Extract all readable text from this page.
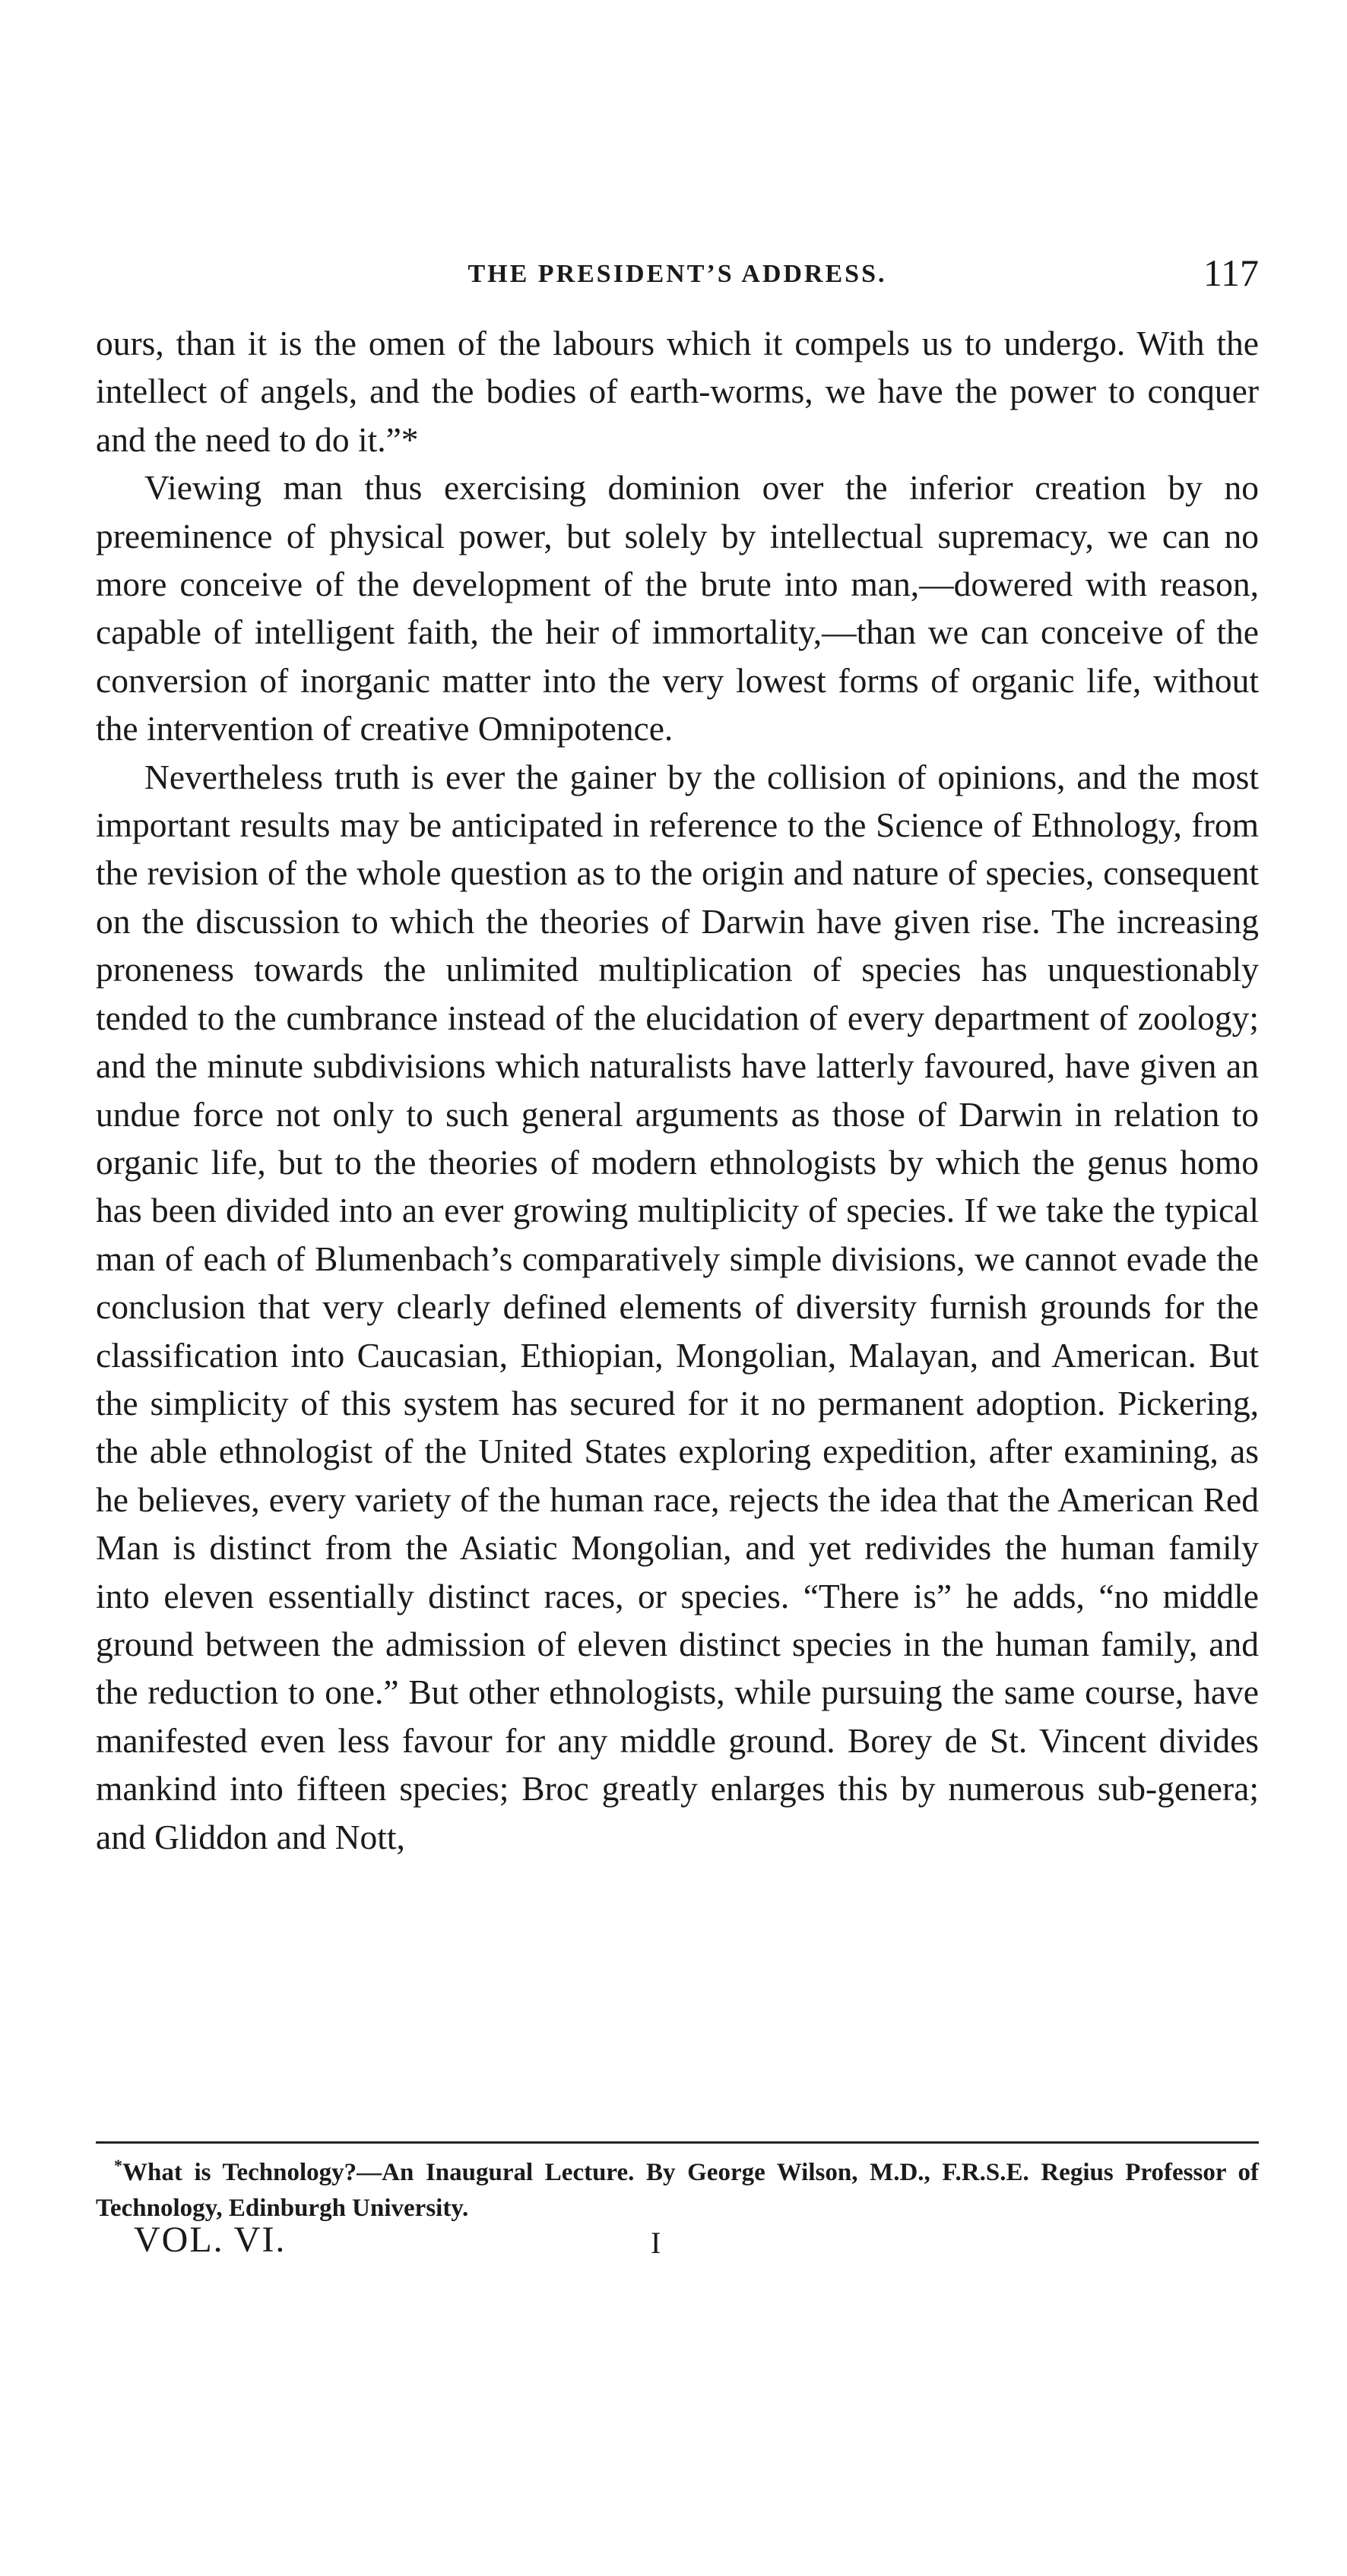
THE PRESIDENT’S ADDRESS.	117

ours, than it is the omen of the labours which it compels us to undergo. With the intellect of angels, and the bodies of earth-worms, we have the power to conquer and the need to do it.”*

Viewing man thus exercising dominion over the inferior creation by no preeminence of physical power, but solely by intellectual supremacy, we can no more conceive of the development of the brute into man,—dowered with reason, capable of intelligent faith, the heir of immortality,—than we can conceive of the conversion of inorganic matter into the very lowest forms of organic life, without the intervention of creative Omnipotence.

Nevertheless truth is ever the gainer by the collision of opinions, and the most important results may be anticipated in reference to the Science of Ethnology, from the revision of the whole question as to the origin and nature of species, consequent on the discussion to which the theories of Darwin have given rise. The increasing proneness towards the unlimited multiplication of species has unquestionably tended to the cumbrance instead of the elucidation of every department of zoology; and the minute subdivisions which naturalists have latterly favoured, have given an undue force not only to such general arguments as those of Darwin in relation to organic life, but to the theories of modern ethnologists by which the genus homo has been divided into an ever growing multiplicity of species. If we take the typical man of each of Blumenbach’s comparatively simple divisions, we cannot evade the conclusion that very clearly defined elements of diversity furnish grounds for the classification into Caucasian, Ethiopian, Mongolian, Malayan, and American. But the simplicity of this system has secured for it no permanent adoption. Pickering, the able ethnologist of the United States exploring expedition, after examining, as he believes, every variety of the human race, rejects the idea that the American Red Man is distinct from the Asiatic Mongolian, and yet redivides the human family into eleven essentially distinct races, or species. “There is” he adds, “no middle ground between the admission of eleven distinct species in the human family, and the reduction to one.” But other ethnologists, while pursuing the same course, have manifested even less favour for any middle ground. Borey de St. Vincent divides mankind into fifteen species; Broc greatly enlarges this by numerous sub-genera; and Gliddon and Nott,

*What is Technology?—An Inaugural Lecture. By George Wilson, M.D., F.R.S.E. Regius Professor of Technology, Edinburgh University.

VOL. VI.	I
